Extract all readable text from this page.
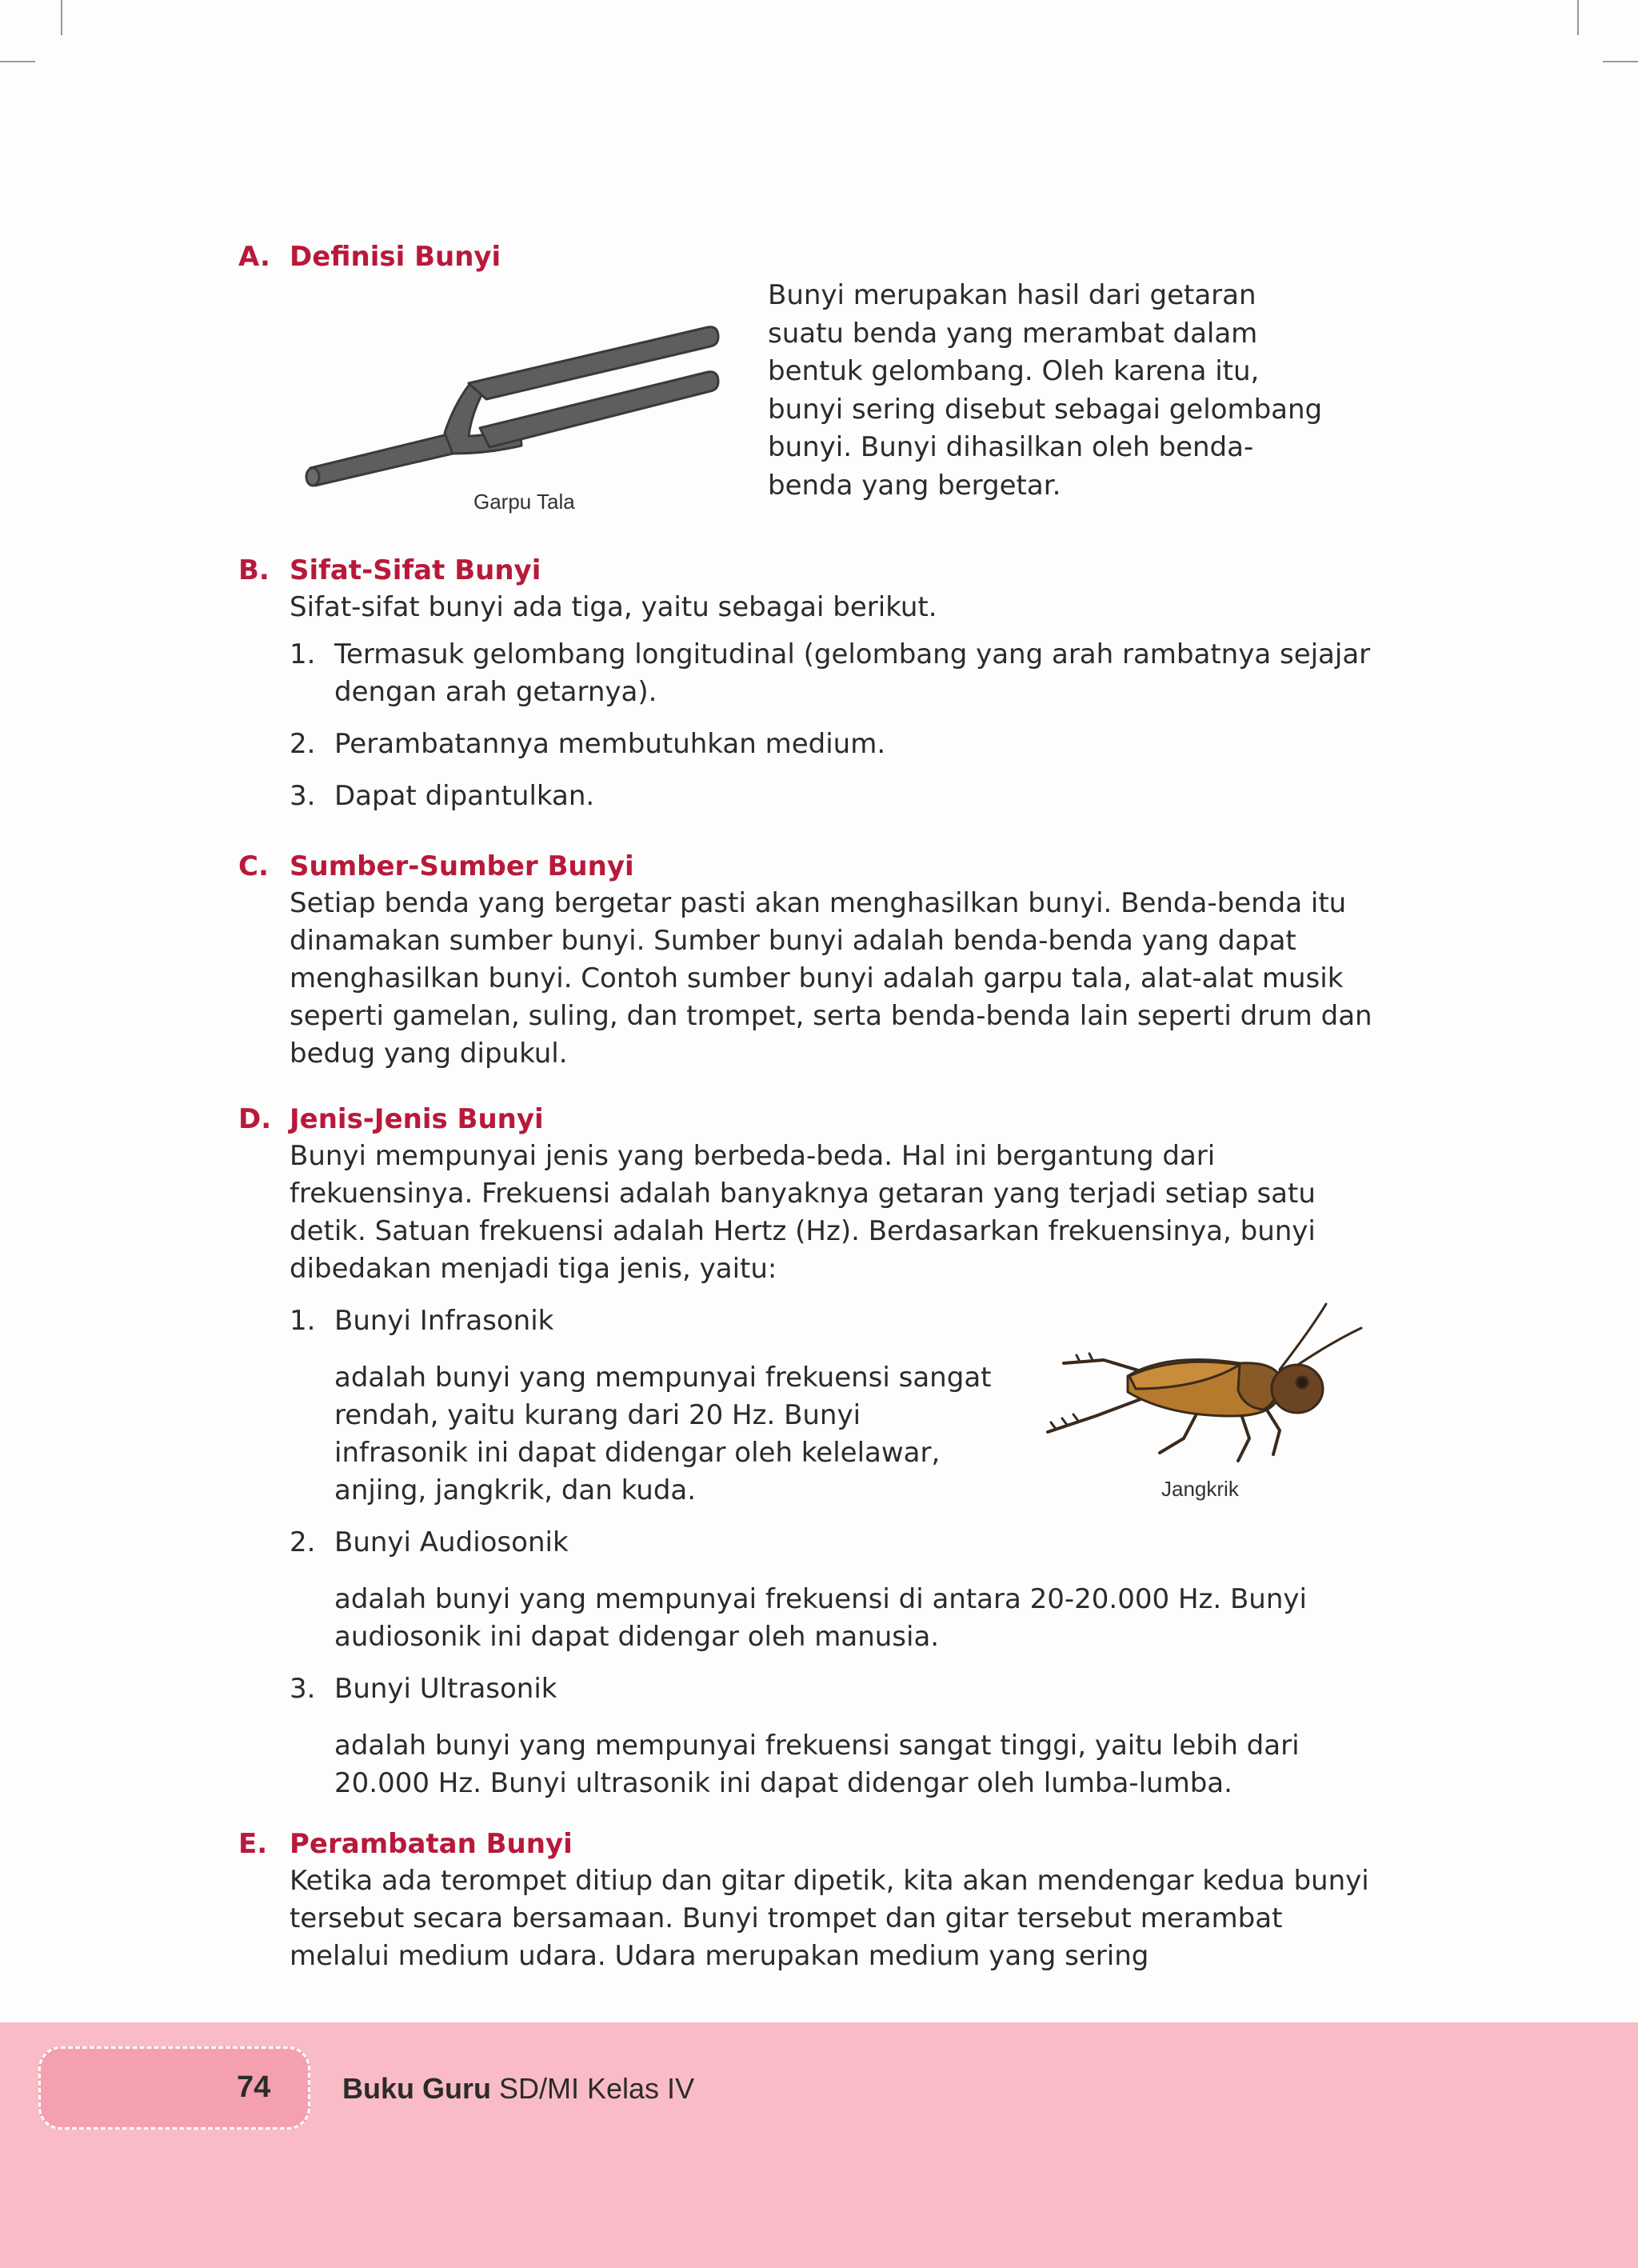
A. Definisi Bunyi
Garpu Tala
Bunyi merupakan hasil dari getaran
suatu benda yang merambat dalam
bentuk gelombang. Oleh karena itu,
bunyi sering disebut sebagai gelombang
bunyi. Bunyi dihasilkan oleh benda-
benda yang bergetar.
B. Sifat-Sifat Bunyi

Sifat-sifat bunyi ada tiga, yaitu sebagai berikut.

1. Termasuk gelombang longitudinal (gelombang yang arah rambatnya sejajar dengan arah getarnya).
2. Perambatannya membutuhkan medium.
3. Dapat dipantulkan.
C. Sumber-Sumber Bunyi

Setiap benda yang bergetar pasti akan menghasilkan bunyi. Benda-benda itu dinamakan sumber bunyi. Sumber bunyi adalah benda-benda yang dapat menghasilkan bunyi. Contoh sumber bunyi adalah garpu tala, alat-alat musik seperti gamelan, suling, dan trompet, serta benda-benda lain seperti drum dan bedug yang dipukul.

D. Jenis-Jenis Bunyi

Bunyi mempunyai jenis yang berbeda-beda. Hal ini bergantung dari frekuensinya. Frekuensi adalah banyaknya getaran yang terjadi setiap satu detik. Satuan frekuensi adalah Hertz (Hz). Berdasarkan frekuensinya, bunyi dibedakan menjadi tiga jenis, yaitu:

1. Bunyi Infrasonik
adalah bunyi yang mempunyai frekuensi sangat rendah, yaitu kurang dari 20 Hz. Bunyi infrasonik ini dapat didengar oleh kelelawar, anjing, jangkrik, dan kuda.
2. Bunyi Audiosonik
adalah bunyi yang mempunyai frekuensi di antara 20-20.000 Hz. Bunyi audiosonik ini dapat didengar oleh manusia.
3. Bunyi Ultrasonik
adalah bunyi yang mempunyai frekuensi sangat tinggi, yaitu lebih dari 20.000 Hz. Bunyi ultrasonik ini dapat didengar oleh lumba-lumba.
Jangkrik
E. Perambatan Bunyi

Ketika ada terompet ditiup dan gitar dipetik, kita akan mendengar kedua bunyi tersebut secara bersamaan. Bunyi trompet dan gitar tersebut merambat melalui medium udara. Udara merupakan medium yang sering

74 Buku Guru SD/MI Kelas IV
